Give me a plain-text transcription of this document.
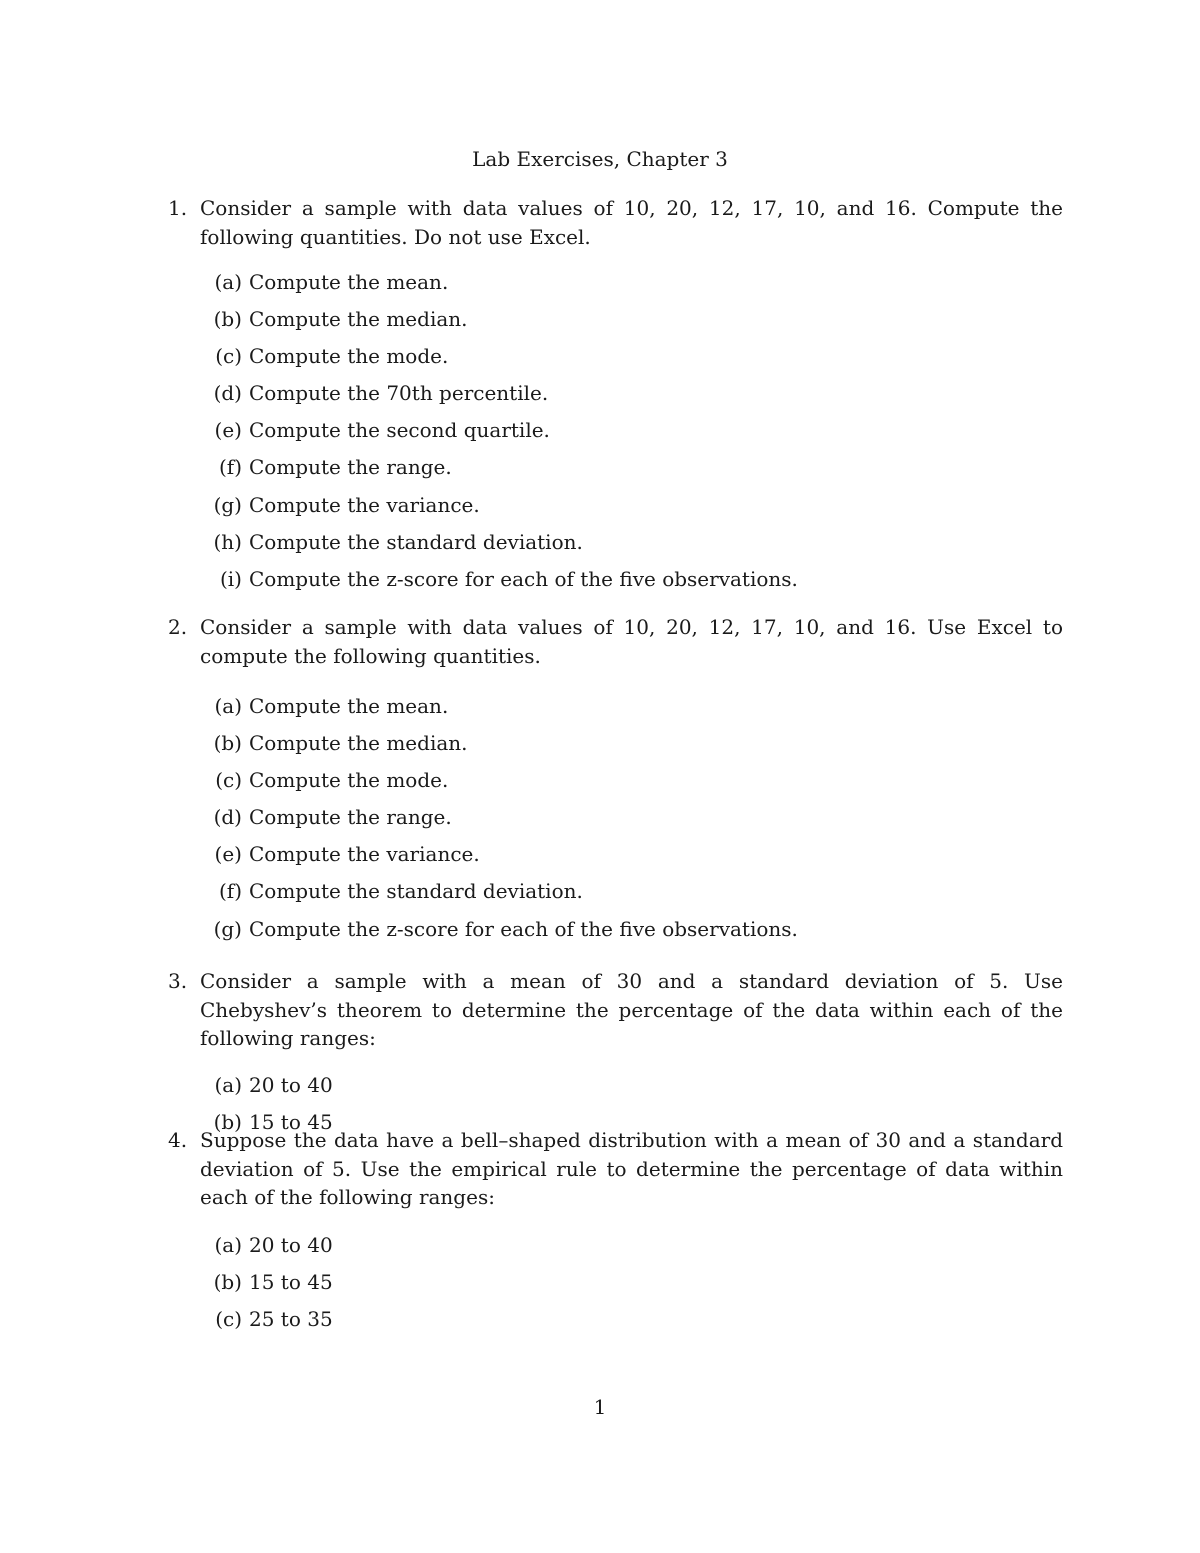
Lab Exercises, Chapter 3
1. Consider a sample with data values of 10, 20, 12, 17, 10, and 16. Compute the following quantities. Do not use Excel.
(a) Compute the mean.
(b) Compute the median.
(c) Compute the mode.
(d) Compute the 70th percentile.
(e) Compute the second quartile.
(f) Compute the range.
(g) Compute the variance.
(h) Compute the standard deviation.
(i) Compute the z-score for each of the five observations.
2. Consider a sample with data values of 10, 20, 12, 17, 10, and 16. Use Excel to compute the following quantities.
(a) Compute the mean.
(b) Compute the median.
(c) Compute the mode.
(d) Compute the range.
(e) Compute the variance.
(f) Compute the standard deviation.
(g) Compute the z-score for each of the five observations.
3. Consider a sample with a mean of 30 and a standard deviation of 5. Use Chebyshev’s theorem to determine the percentage of the data within each of the following ranges:
(a) 20 to 40
(b) 15 to 45
4. Suppose the data have a bell–shaped distribution with a mean of 30 and a standard deviation of 5. Use the empirical rule to determine the percentage of data within each of the following ranges:
(a) 20 to 40
(b) 15 to 45
(c) 25 to 35
1
